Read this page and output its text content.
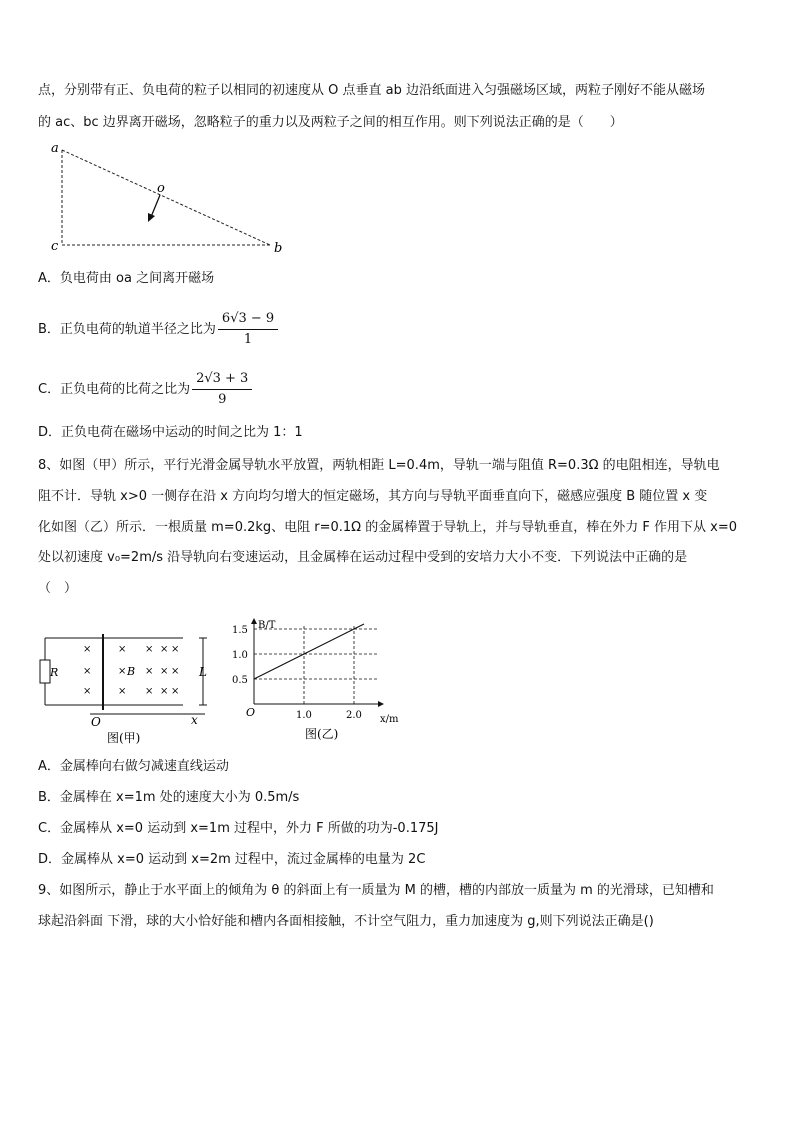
点，分别带有正、负电荷的粒子以相同的初速度从 O 点垂直 ab 边沿纸面进入匀强磁场区域，两粒子刚好不能从磁场
的 ac、bc 边界离开磁场，忽略粒子的重力以及两粒子之间的相互作用。则下列说法正确的是（　　）
a
c	b
o
A．负电荷由 oa 之间离开磁场
B．正负电荷的轨道半径之比为 $\frac{6√3 - 9}{1}$
C．正负电荷的比荷之比为 $\frac{2√3 + 3}{9}$
D．正负电荷在磁场中运动的时间之比为 1：1
8、如图（甲）所示，平行光滑金属导轨水平放置，两轨相距 L=0.4m，导轨一端与阻值 R=0.3Ω 的电阻相连，导轨电
阻不计．导轨 x>0 一侧存在沿 x 方向均匀增大的恒定磁场，其方向与导轨平面垂直向下，磁感应强度 B 随位置 x 变
化如图（乙）所示．一根质量 m=0.2kg、电阻 r=0.1Ω 的金属棒置于导轨上，并与导轨垂直，棒在外力 F 作用下从 x=0
处以初速度 v₀=2m/s 沿导轨向右变速运动，且金属棒在运动过程中受到的安培力大小不变．下列说法中正确的是
（　）
R	L
O	x
B
×
×
×
×
×
×
× × ×
× × ×
× × ×
图(甲)
0.5
1.0
1.5
1.0	2.0
B/T
x/m
O
图(乙)
A．金属棒向右做匀减速直线运动
B．金属棒在 x=1m 处的速度大小为 0.5m/s
C．金属棒从 x=0 运动到 x=1m 过程中，外力 F 所做的功为-0.175J
D．金属棒从 x=0 运动到 x=2m 过程中，流过金属棒的电量为 2C
9、如图所示，静止于水平面上的倾角为 θ 的斜面上有一质量为 M 的槽，槽的内部放一质量为 m 的光滑球，已知槽和
球起沿斜面 下滑，球的大小恰好能和槽内各面相接触，不计空气阻力，重力加速度为 g,则下列说法正确是()
